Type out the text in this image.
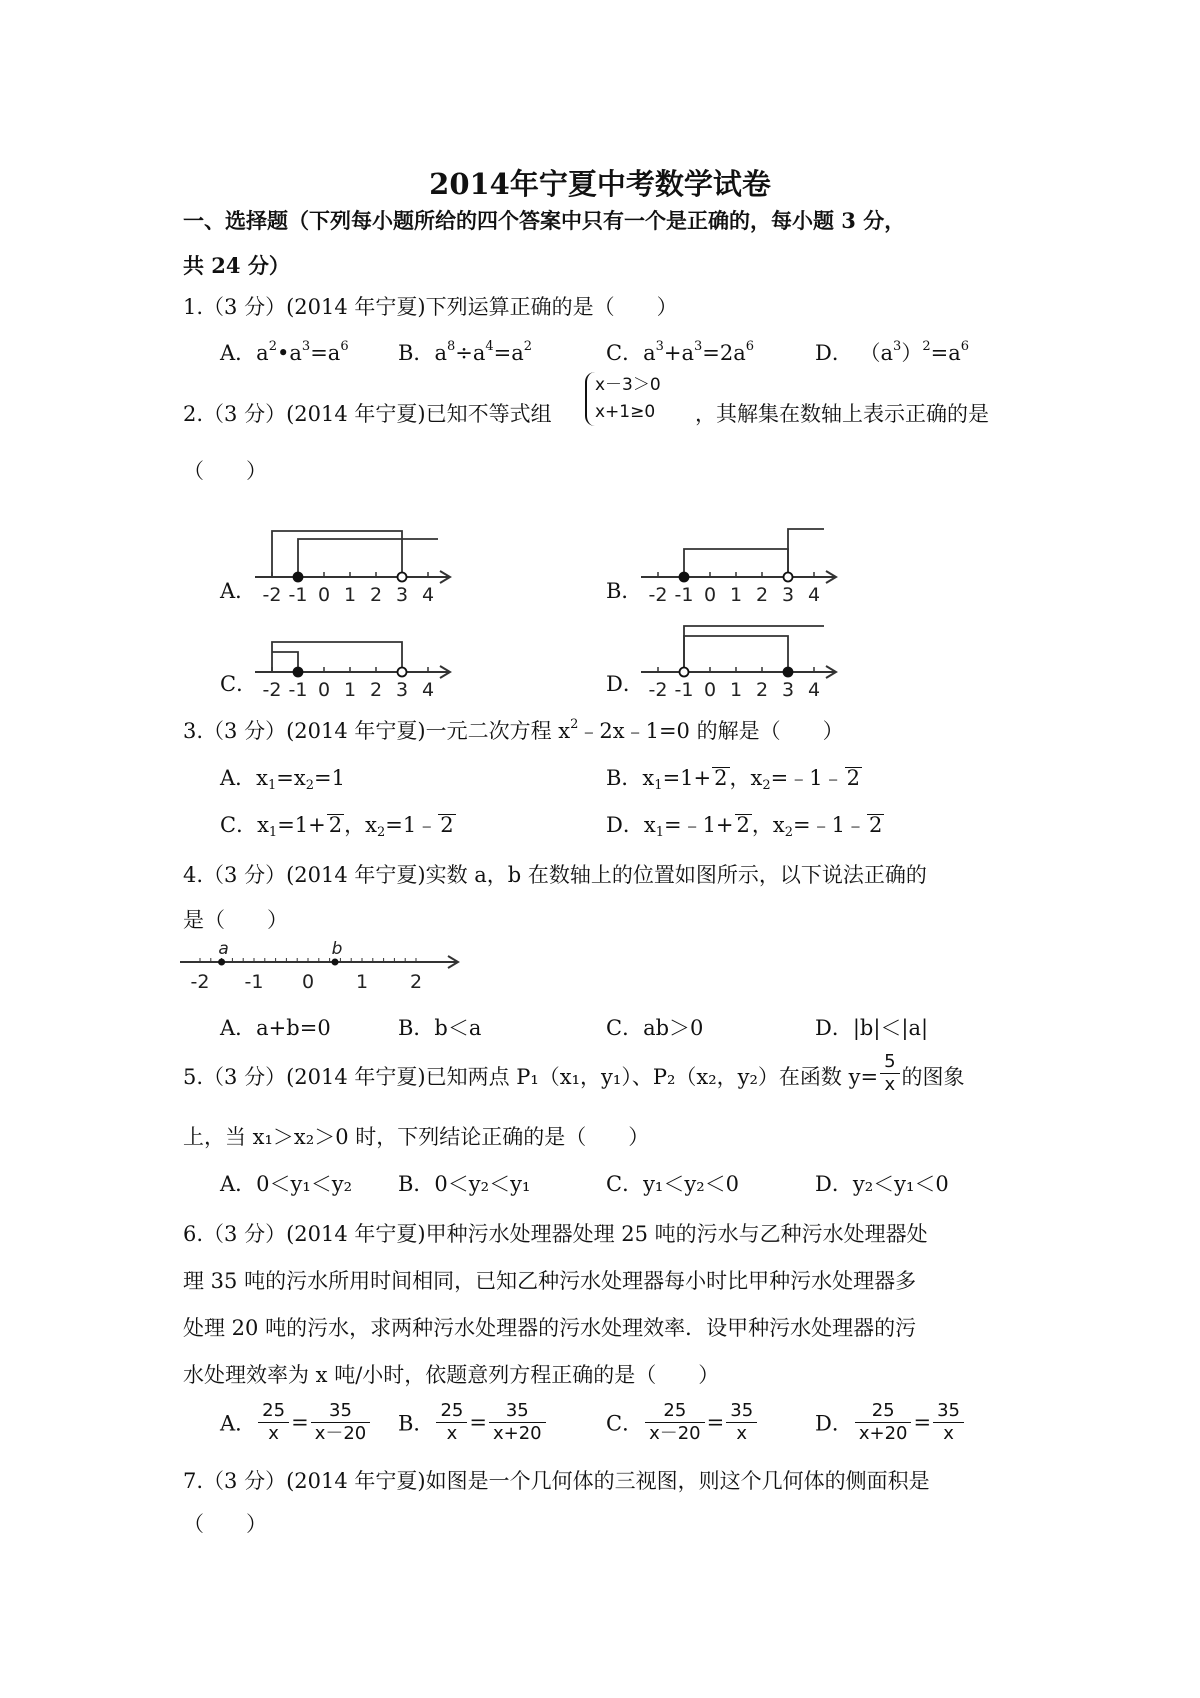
2014年宁夏中考数学试卷
一、选择题（下列每小题所给的四个答案中只有一个是正确的，每小题 3 分，
共 24 分）
1.（3 分）(2014 年宁夏)下列运算正确的是（　　）
A．$a^2•a^3=a^6$ B．$a^8\div a^4=a^2$	C．$a^3+a^3=2a^6$	D． $(a^3)^2=a^6$
2.（3 分）(2014 年宁夏)已知不等式组
x－3＞0
x+1≥0 ，其解集在数轴上表示正确的是
（　　）
A．	B．
C．	D．
-2 -1 0 1 2 3 4	-2 -1 0 1 2 3 4
-2 -1 0 1 2 3 4	-2 -1 0 1 2 3 4
3.（3 分）(2014 年宁夏)一元二次方程 $x^2﹣2x﹣1=0$ 的解是（　　）
A．$x_1=x_2=1$	B．$x_1=1+ 2$，$x_2=﹣1﹣$ 2
C．$x_1=1+ 2$，$x_2=1﹣$ 2	D．$x_1=﹣1+ 2$，$x_2=﹣1﹣$ 2
4.（3 分）(2014 年宁夏)实数 a，b 在数轴上的位置如图所示，以下说法正确的
是（　　）
-2 -1 0 1 2
a	b
A．a+b=0	B．b＜a	C．ab＞0	D．|b|＜|a|
5.（3 分）(2014 年宁夏)已知两点 P₁（x₁，y₁）、P₂（x₂，y₂）在函数 $y= \frac{5}{x}$ 的图象
上，当 x₁＞x₂＞0 时，下列结论正确的是（　　）
A．0＜y₁＜y₂ B．0＜y₂＜y₁	C．y₁＜y₂＜0	D．y₂＜y₁＜0
6.（3 分）(2014 年宁夏)甲种污水处理器处理 25 吨的污水与乙种污水处理器处
理 35 吨的污水所用时间相同，已知乙种污水处理器每小时比甲种污水处理器多
处理 20 吨的污水，求两种污水处理器的污水处理效率．设甲种污水处理器的污
水处理效率为 x 吨/小时，依题意列方程正确的是（　　）
A． $\frac{25}{x} = \frac{35}{x-20}$ B． $\frac{25}{x} = \frac{35}{x+20}$	C． $\frac{25}{x-20} = \frac{35}{x}$	D． $\frac{25}{x+20} = \frac{35}{x}$
7.（3 分）(2014 年宁夏)如图是一个几何体的三视图，则这个几何体的侧面积是
（　　）
